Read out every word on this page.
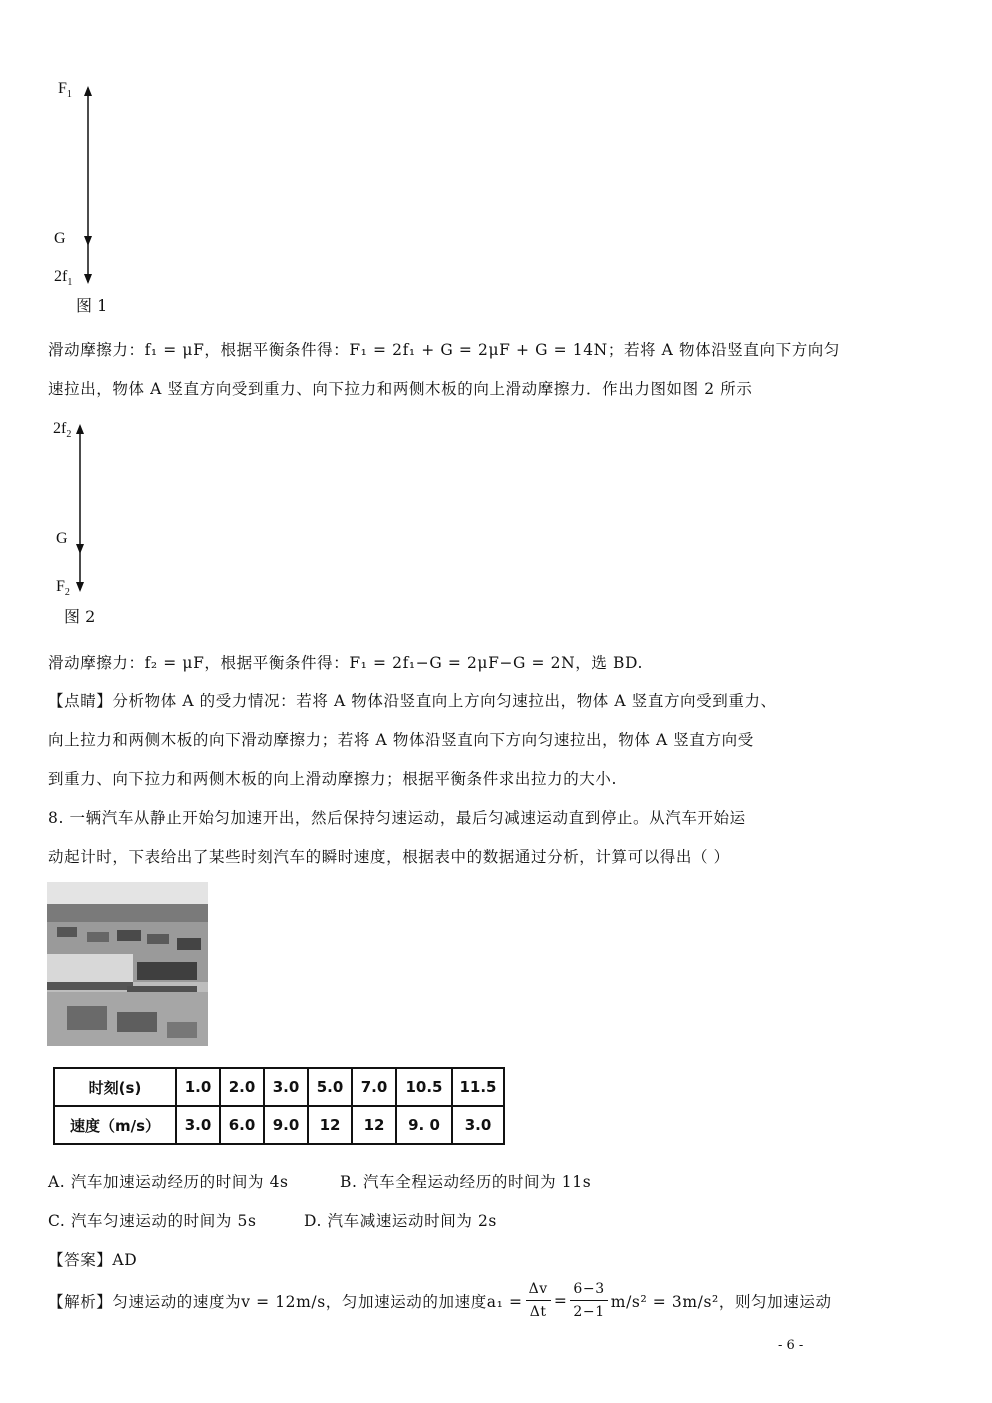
$F_1$
G
$2f_1$
图 1
滑动摩擦力：f₁ = μF，根据平衡条件得：F₁ = 2f₁ + G = 2μF + G = 14N；若将 A 物体沿竖直向下方向匀
速拉出，物体 A 竖直方向受到重力、向下拉力和两侧木板的向上滑动摩擦力．作出力图如图 2 所示
$2f_2$
G
$F_2$
图 2
滑动摩擦力：f₂ = μF，根据平衡条件得：F₁ = 2f₁−G = 2μF−G = 2N，选 BD.
【点睛】分析物体 A 的受力情况：若将 A 物体沿竖直向上方向匀速拉出，物体 A 竖直方向受到重力、
向上拉力和两侧木板的向下滑动摩擦力；若将 A 物体沿竖直向下方向匀速拉出，物体 A 竖直方向受
到重力、向下拉力和两侧木板的向上滑动摩擦力；根据平衡条件求出拉力的大小.
8. 一辆汽车从静止开始匀加速开出，然后保持匀速运动，最后匀减速运动直到停止。从汽车开始运
动起计时，下表给出了某些时刻汽车的瞬时速度，根据表中的数据通过分析，计算可以得出（ ）
时刻(s)	1.0	2.0	3.0	5.0	7.0	10.5	11.5
速度（m/s）	3.0	6.0	9.0	12	12	9. 0	3.0
A. 汽车加速运动经历的时间为 4s	B. 汽车全程运动经历的时间为 11s
C. 汽车匀速运动的时间为 5s	D. 汽车减速运动时间为 2s
【答案】AD
【解析】匀速运动的速度为v = 12m/s，匀加速运动的加速度$a_1 = \frac{\Delta v}{\Delta t} = \frac{6-3}{2-1} m/s^2 = 3m/s^2$，则匀加速运动
- 6 -
